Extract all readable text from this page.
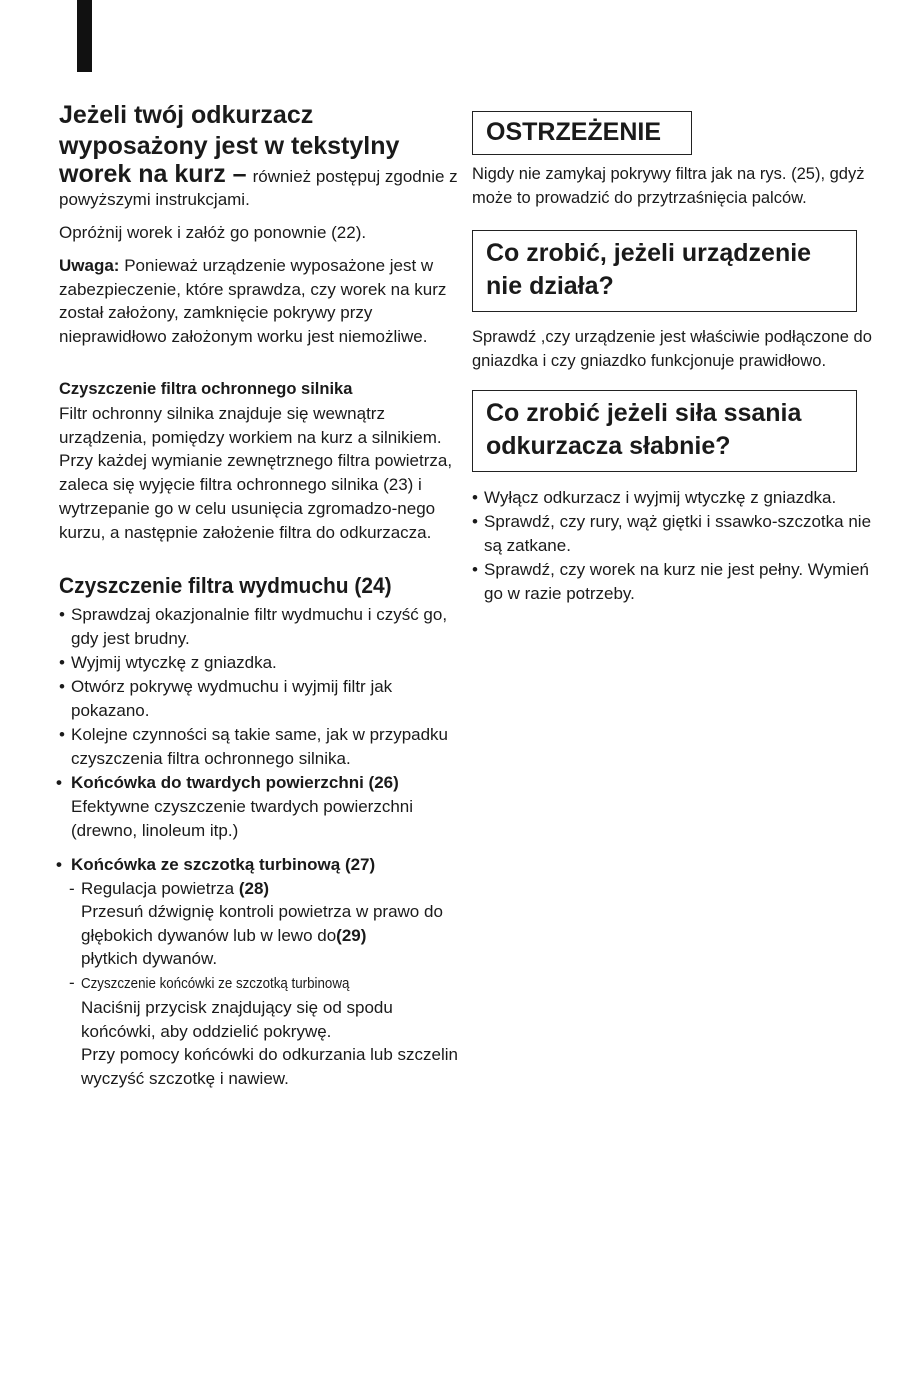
Jeżeli twój odkurzacz wyposażony jest w tekstylny

worek na kurz – również postępuj zgodnie z powyższymi instrukcjami.

Opróżnij worek i załóż go ponownie (22).

Uwaga: Ponieważ urządzenie wyposażone jest w zabezpieczenie, które sprawdza, czy worek na kurz został założony, zamknięcie pokrywy przy nieprawidłowo założonym worku jest niemożliwe.

Czyszczenie filtra ochronnego silnika
Filtr ochronny silnika znajduje się wewnątrz urządzenia, pomiędzy workiem na kurz a silnikiem. Przy każdej wymianie zewnętrznego filtra powietrza, zaleca się wyjęcie filtra ochronnego silnika (23) i wytrzepanie go w celu usunięcia zgromadzo-nego kurzu, a następnie założenie filtra do odkurzacza.

Czyszczenie filtra wydmuchu (24)
• Sprawdzaj okazjonalnie filtr wydmuchu i czyść go, gdy jest brudny.
• Wyjmij wtyczkę z gniazdka.
• Otwórz pokrywę wydmuchu i wyjmij filtr jak pokazano.
• Kolejne czynności są takie same, jak w przypadku czyszczenia filtra ochronnego silnika.
• Końcówka do twardych powierzchni (26)
Efektywne czyszczenie twardych powierzchni (drewno, linoleum itp.)
• Końcówka ze szczotką turbinową (27)
- Regulacja powietrza (28)
Przesuń dźwignię kontroli powietrza w prawo do głębokich dywanów lub w lewo do(29)
płytkich dywanów.
- Czyszczenie końcówki ze szczotką turbinową
Naciśnij przycisk znajdujący się od spodu końcówki, aby oddzielić pokrywę.
Przy pomocy końcówki do odkurzania lub szczelin wyczyść szczotkę i nawiew.
OSTRZEŻENIE

Nigdy nie zamykaj pokrywy filtra jak na rys. (25), gdyż może to prowadzić do przytrzaśnięcia palców.

Co zrobić, jeżeli urządzenie nie działa?

Sprawdź ,czy urządzenie jest właściwie podłączone do gniazdka i czy gniazdko funkcjonuje prawidłowo.

Co zrobić jeżeli siła ssania odkurzacza słabnie?
• Wyłącz odkurzacz i wyjmij wtyczkę z gniazdka.
• Sprawdź, czy rury, wąż giętki i ssawko-szczotka nie są zatkane.
• Sprawdź, czy worek na kurz nie jest pełny. Wymień go w razie potrzeby.
